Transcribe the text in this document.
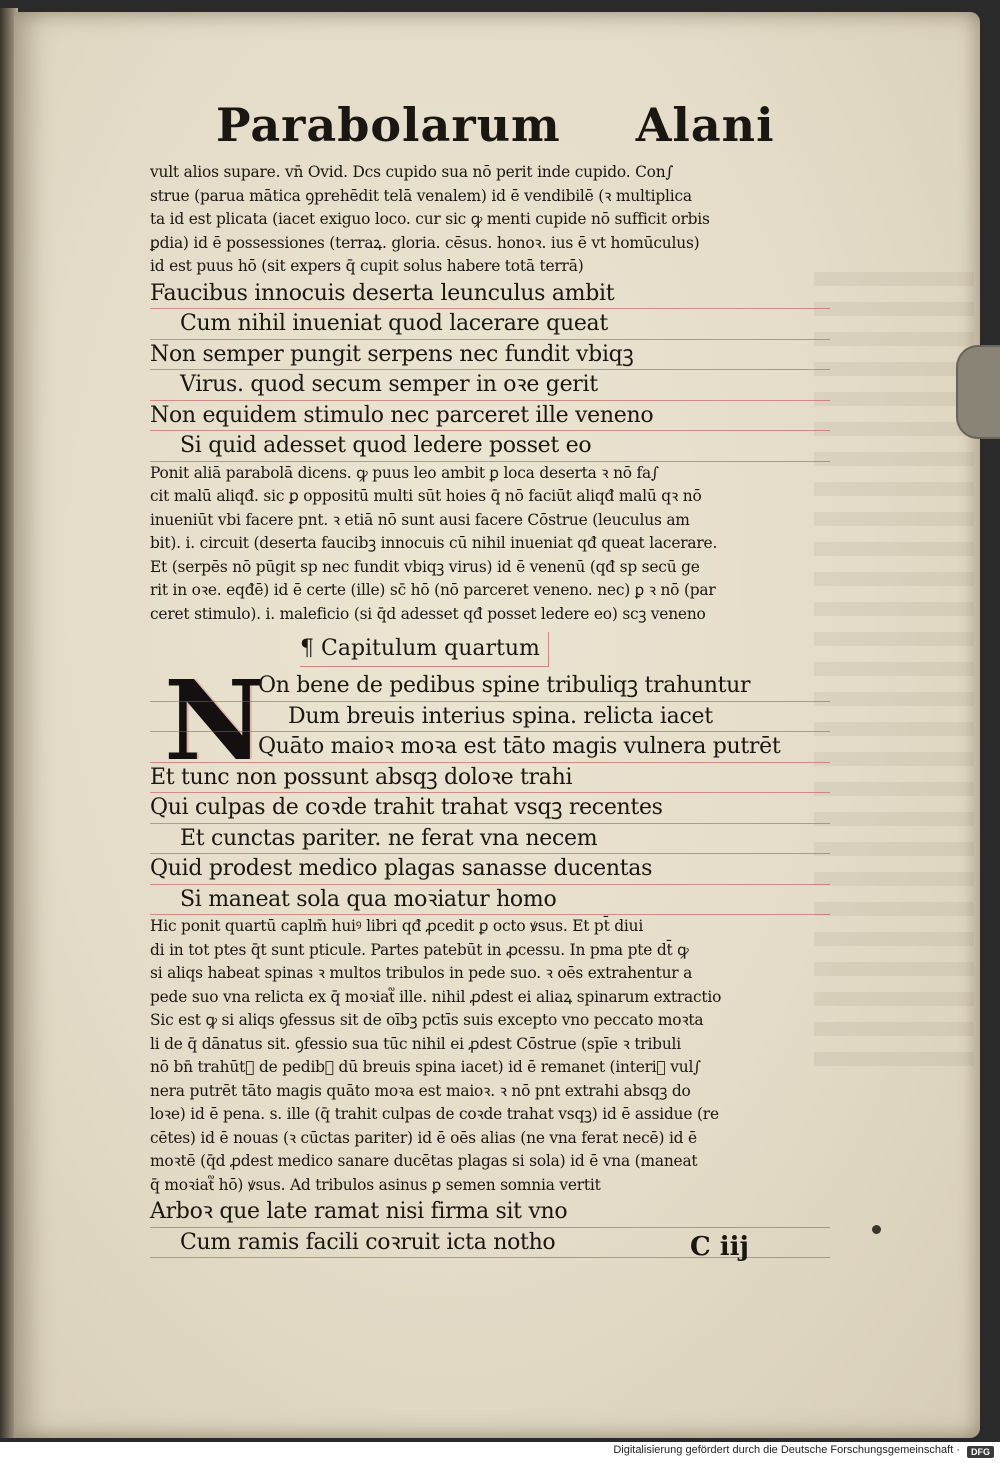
Parabolarum Alani

vult alios supare. vn̄ Ovid. Dcs cupido sua nō perit inde cupido. Con∫

strue (parua mātica ꝯprehēdit telā venalem) id ē vendibilē (ꝛ multiplica

ta id est plicata (iacet exiguo loco. cur sic ꝙ menti cupide nō sufficit orbis

ꝑdia) id ē possessiones (terraꝝ. gloria. cēsus. honoꝛ. ius ē vt homūculus)

id est puus hō (sit expers q̄ cupit solus habere totā terrā)

Faucibus innocuis deserta leunculus ambit

Cum nihil inueniat quod lacerare queat

Non semper pungit serpens nec fundit vbiqꝫ

Virus. quod secum semper in oꝛe gerit

Non equidem stimulo nec parceret ille veneno

Si quid adesset quod ledere posset eo

Ponit aliā parabolā dicens. ꝙ puus leo ambit ꝑ loca deserta ꝛ nō fa∫

cit malū aliqđ. sic ꝑ oppositū multi sūt hoies q̄ nō faciūt aliqđ malū qꝛ nō

inueniūt vbi facere pnt. ꝛ etiā nō sunt ausi facere Cōstrue (leuculus am

bit). i. circuit (deserta faucibꝫ innocuis cū nihil inueniat qđ queat lacerare.

Et (serpēs nō pūgit sp nec fundit vbiqꝫ virus) id ē venenū (qđ sp secū ge

rit in oꝛe. eqđē) id ē certe (ille) sc̄ hō (nō parceret veneno. nec) ꝑ ꝛ nō (par

ceret stimulo). i. maleficio (si q̄d adesset qđ posset ledere eo) scꝫ veneno

¶ Capitulum quartum
N

On bene de pedibus spine tribuliqꝫ trahuntur

Dum breuis interius spina. relicta iacet

Quāto maioꝛ moꝛa est tāto magis vulnera putrēt

Et tunc non possunt absqꝫ doloꝛe trahi

Qui culpas de coꝛde trahit trahat vsqꝫ recentes

Et cunctas pariter. ne ferat vna necem

Quid prodest medico plagas sanasse ducentas

Si maneat sola qua moꝛiatur homo

Hic ponit quartū caplm̄ huiꝰ libri qđ ꝓcedit ꝑ octo ꝟsus. Et pt̄ diui

di in tot ptes q̄t sunt pticule. Partes patebūt in ꝓcessu. In pma pte dt̄ ꝙ

si aliqs habeat spinas ꝛ multos tribulos in pede suo. ꝛ oēs extrahentur a

pede suo vna relicta ex q̄ moꝛiat᷑ ille. nihil ꝓdest ei aliaꝝ spinarum extractio

Sic est ꝙ si aliqs ꝯfessus sit de oībꝫ pctīs suis excepto vno peccato moꝛta

li de q̄ dānatus sit. ꝯfessio sua tūc nihil ei ꝓdest Cōstrue (spīe ꝛ tribuli

nō bn̄ trahūt᷑ de pedibꝫ dū breuis spina iacet) id ē remanet (interiꝰ vul∫

nera putrēt tāto magis quāto moꝛa est maioꝛ. ꝛ nō pnt extrahi absqꝫ do

loꝛe) id ē pena. s. ille (q̄ trahit culpas de coꝛde trahat vsqꝫ) id ē assidue (re

cētes) id ē nouas (ꝛ cūctas pariter) id ē oēs alias (ne vna ferat necē) id ē

moꝛtē (q̄d ꝓdest medico sanare ducētas plagas si sola) id ē vna (maneat

q̄ moꝛiat᷑ hō) ꝟsus. Ad tribulos asinus ꝑ semen somnia vertit

Arboꝛ que late ramat nisi firma sit vno

Cum ramis facili coꝛruit icta notho	C iij
Digitalisierung gefördert durch die Deutsche Forschungsgemeinschaft ·	DFG
